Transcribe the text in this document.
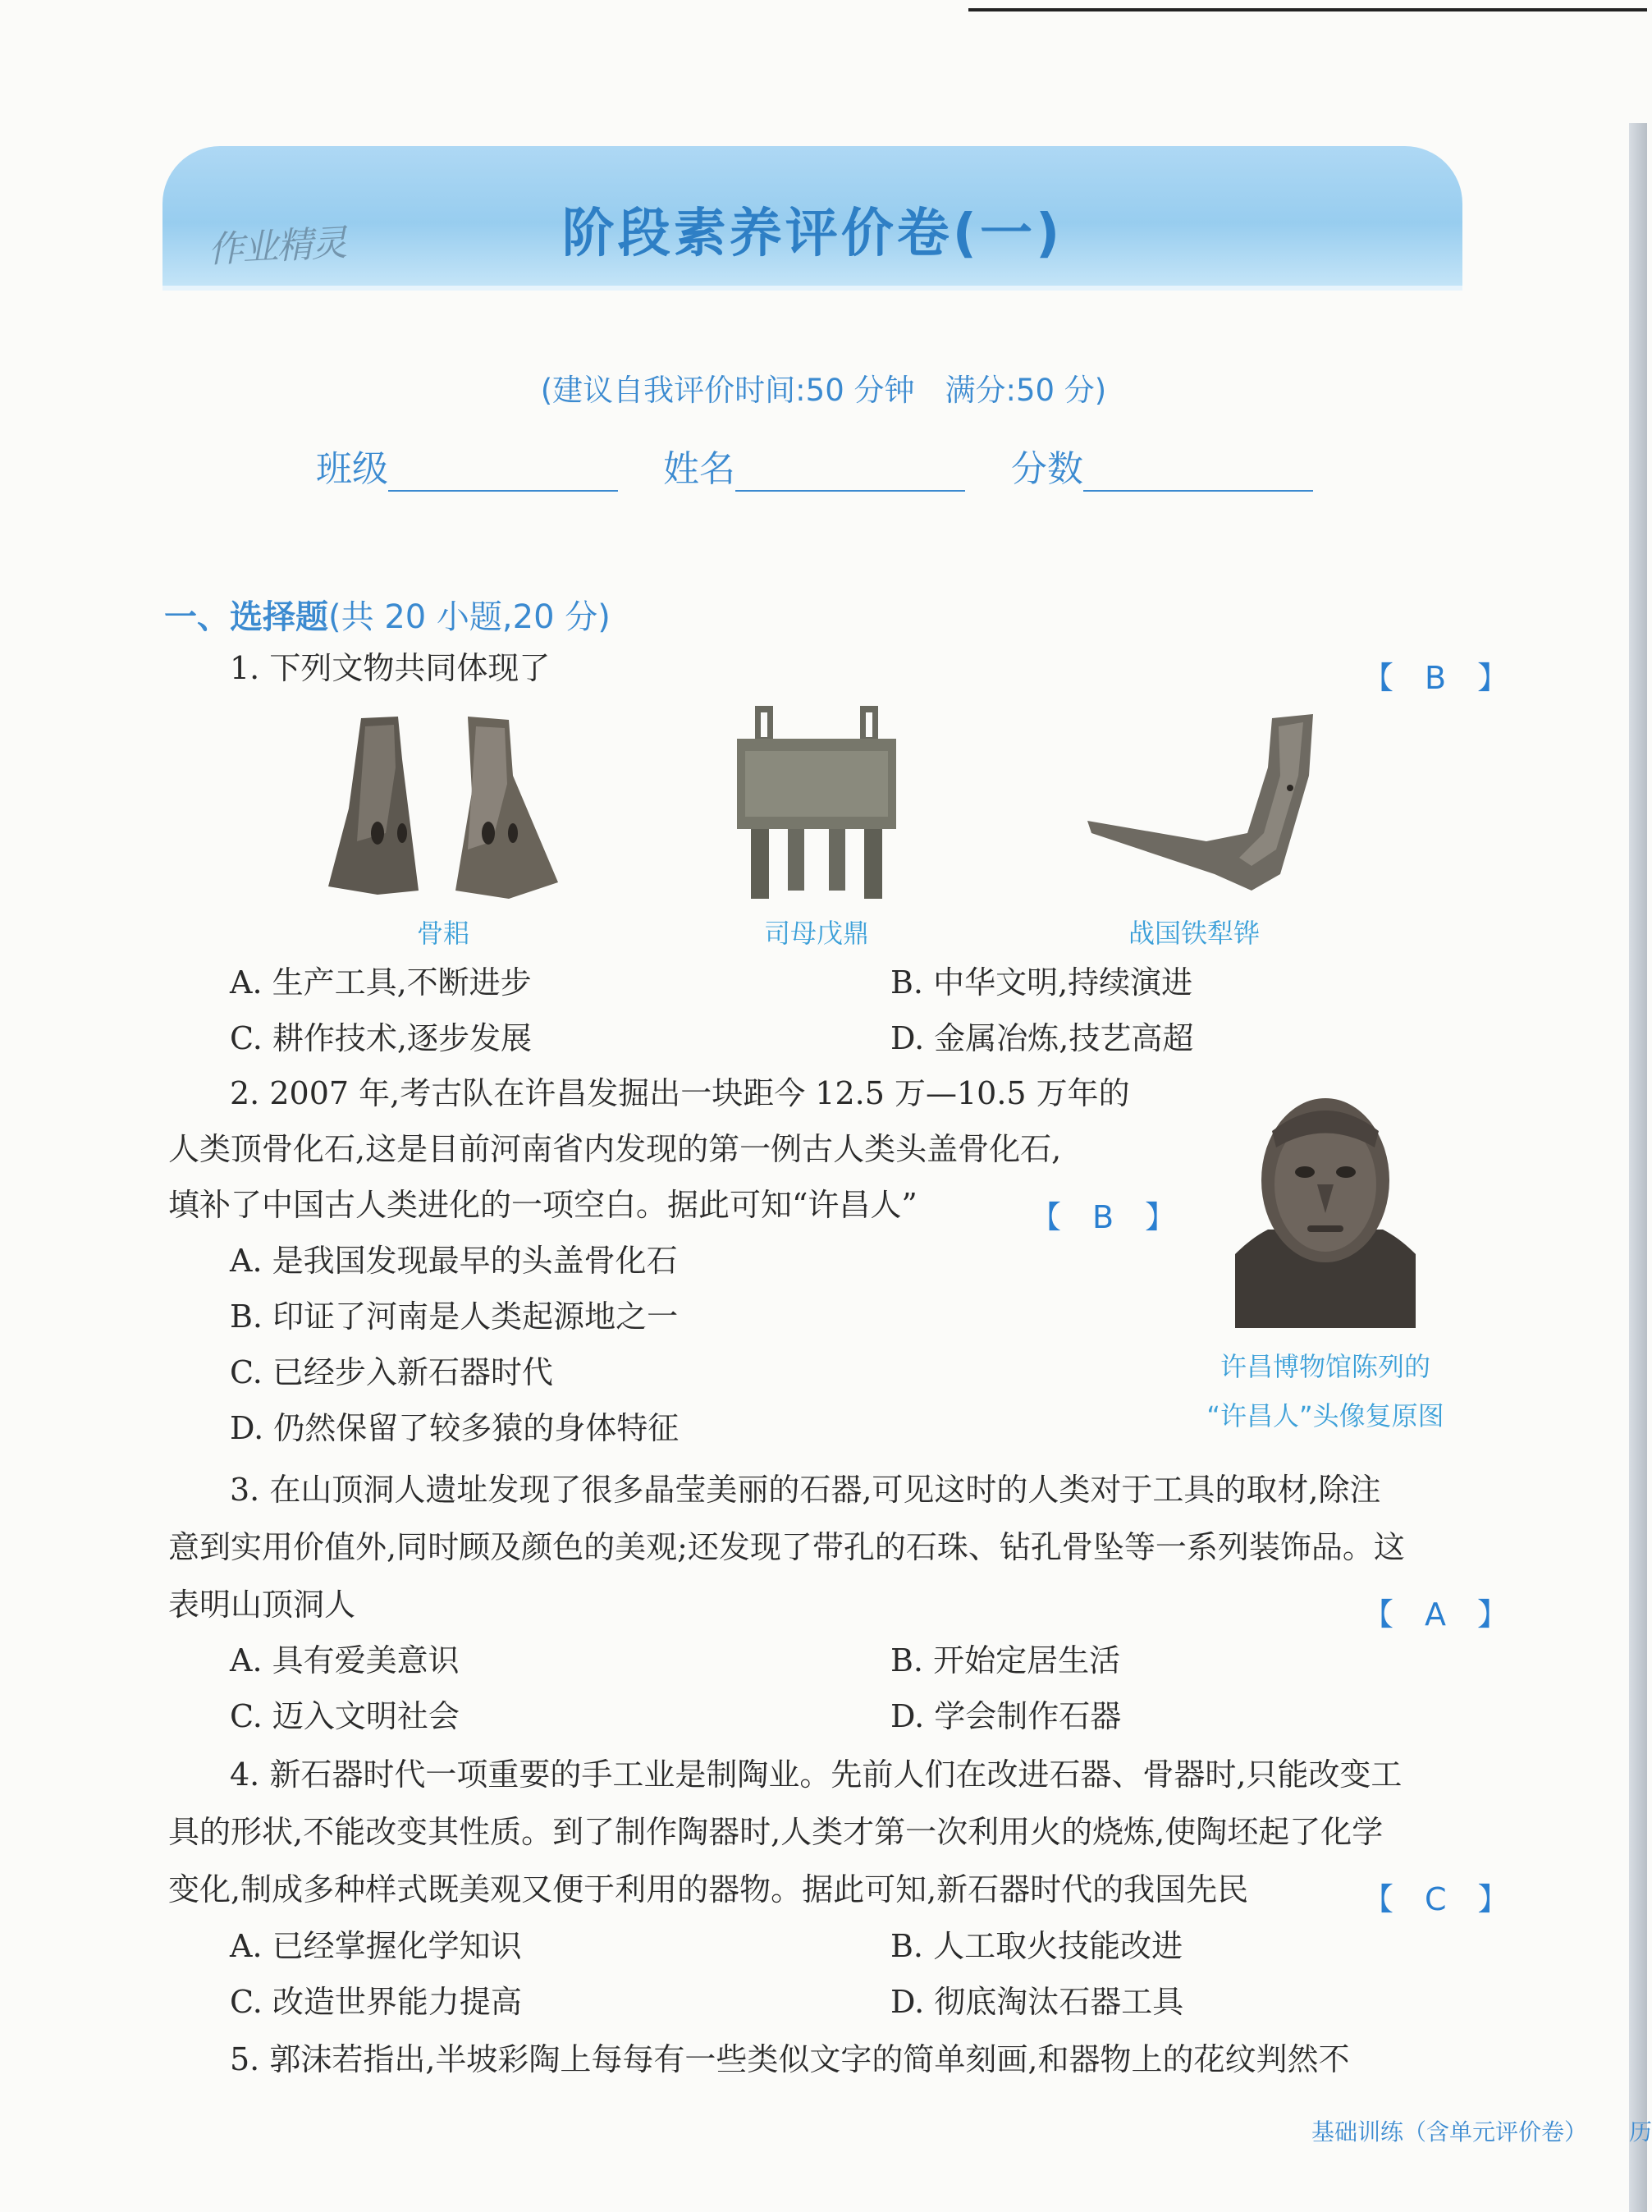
作业精灵	阶段素养评价卷(一)
(建议自我评价时间:50 分钟　满分:50 分)
班级	姓名	分数
一、选择题(共 20 小题,20 分)
1. 下列文物共同体现了	【　B　】
骨耜	司母戊鼎	战国铁犁铧
A. 生产工具,不断进步	B. 中华文明,持续演进
C. 耕作技术,逐步发展	D. 金属冶炼,技艺高超
2. 2007 年,考古队在许昌发掘出一块距今 12.5 万—10.5 万年的
人类顶骨化石,这是目前河南省内发现的第一例古人类头盖骨化石,
填补了中国古人类进化的一项空白。据此可知“许昌人”	【　B　】
许昌博物馆陈列的
“许昌人”头像复原图
A. 是我国发现最早的头盖骨化石
B. 印证了河南是人类起源地之一
C. 已经步入新石器时代
D. 仍然保留了较多猿的身体特征
3. 在山顶洞人遗址发现了很多晶莹美丽的石器,可见这时的人类对于工具的取材,除注
意到实用价值外,同时顾及颜色的美观;还发现了带孔的石珠、钻孔骨坠等一系列装饰品。这
表明山顶洞人	【　A　】
A. 具有爱美意识	B. 开始定居生活
C. 迈入文明社会	D. 学会制作石器
4. 新石器时代一项重要的手工业是制陶业。先前人们在改进石器、骨器时,只能改变工
具的形状,不能改变其性质。到了制作陶器时,人类才第一次利用火的烧炼,使陶坯起了化学
变化,制成多种样式既美观又便于利用的器物。据此可知,新石器时代的我国先民	【　C　】
A. 已经掌握化学知识	B. 人工取火技能改进
C. 改造世界能力提高	D. 彻底淘汰石器工具
5. 郭沫若指出,半坡彩陶上每每有一些类似文字的简单刻画,和器物上的花纹判然不
基础训练（含单元评价卷） 历
